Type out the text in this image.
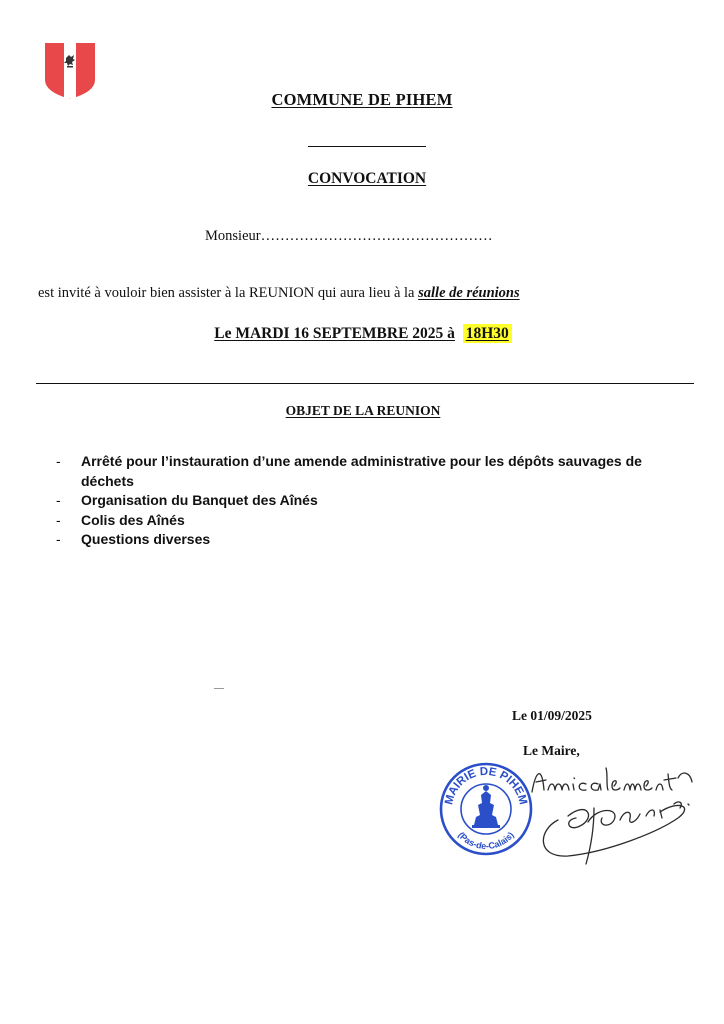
COMMUNE DE PIHEM
CONVOCATION
Monsieur…………………………………………
est invité à vouloir bien assister à la REUNION qui aura lieu à la salle de réunions
Le MARDI 16 SEPTEMBRE 2025 à 18H30
OBJET DE LA REUNION
- Arrêté pour l’instauration d’une amende administrative pour les dépôts sauvages de déchets
- Organisation du Banquet des Aînés
- Colis des Aînés
- Questions diverses
Le 01/09/2025
Le Maire,
MAIRIE DE PIHEM
(Pas-de-Calais)
